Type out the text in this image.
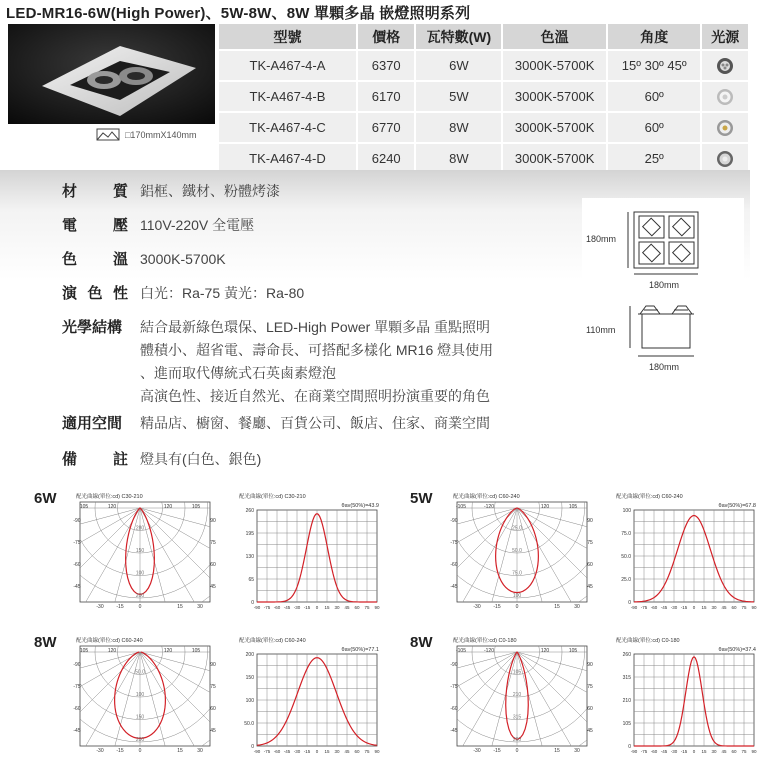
LED-MR16-6W(High Power)、5W-8W、8W 單顆多晶 嵌燈照明系列
□170mmX140mm
型號	價格	瓦特數(W)	色溫	角度	光源
TK-A467-4-A	6370	6W	3000K-5700K	15º 30º 45º	
TK-A467-4-B	6170	5W	3000K-5700K	60º	
TK-A467-4-C	6770	8W	3000K-5700K	60º	
TK-A467-4-D	6240	8W	3000K-5700K	25º	
材 質 鋁框、鐵材、粉體烤漆
電 壓 110V-220V 全電壓
色 溫 3000K-5700K
演 色 性 白光：Ra-75 黃光：Ra-80
光學結構 結合最新綠色環保、LED-High Power 單顆多晶 重點照明
體積小、超省電、壽命長、可搭配多樣化 MR16 燈具使用
、進而取代傳統式石英鹵素燈泡
高演色性、接近自然光、在商業空間照明扮演重要的角色
適用空間 精品店、櫥窗、餐廳、百貨公司、飯店、住家、商業空間
備 註 燈具有(白色、銀色)
180mm
180mm
110mm
180mm
6W	5W
8W	8W
配光曲線(單位:cd) C30-210
280
150
100
200
105	120	120	105
-90	90
-75	75
-60	60
-45	45
-30	-15	0	15	30
配光曲線(單位:cd) C30-210
θav(50%)=43.9
260
195
130
65
0
-90 -75 -60 -45 -30 -15 0 15 30 45 60 75 90
配光曲線(單位:cd) C60-240
25.0
50.0
75.0
100
-105	-120	120	105
-90	90
-75	75
-60	60
-45	45
-30	-15	0	15	30
配光曲線(單位:cd) C60-240
θav(50%)=67.8
100
75.0
50.0
25.0
0
-90 -75 -60 -45 -30 -15 0 15 30 45 60 75 90
配光曲線(單位:cd) C60-240
50.0
100
150
200
105	120	120	105
-90	90
-75	75
-60	60
-45	45
-30	-15	0	15	30
配光曲線(單位:cd) C60-240
θav(50%)=77.1
200
150
100
50.0
0
-90 -75 -60 -45 -30 -15 0 15 30 45 60 75 90
配光曲線(單位:cd) C0-180
105
210
315
260
-105	-120	120	105
-90	90
-75	75
-60	60
-45	45
-30	-15	0	15	30
配光曲線(單位:cd) C0-180
θav(50%)=37.4
260
315
210
105
0
-90 -75 -60 -45 -30 -15 0 15 30 45 60 75 90
